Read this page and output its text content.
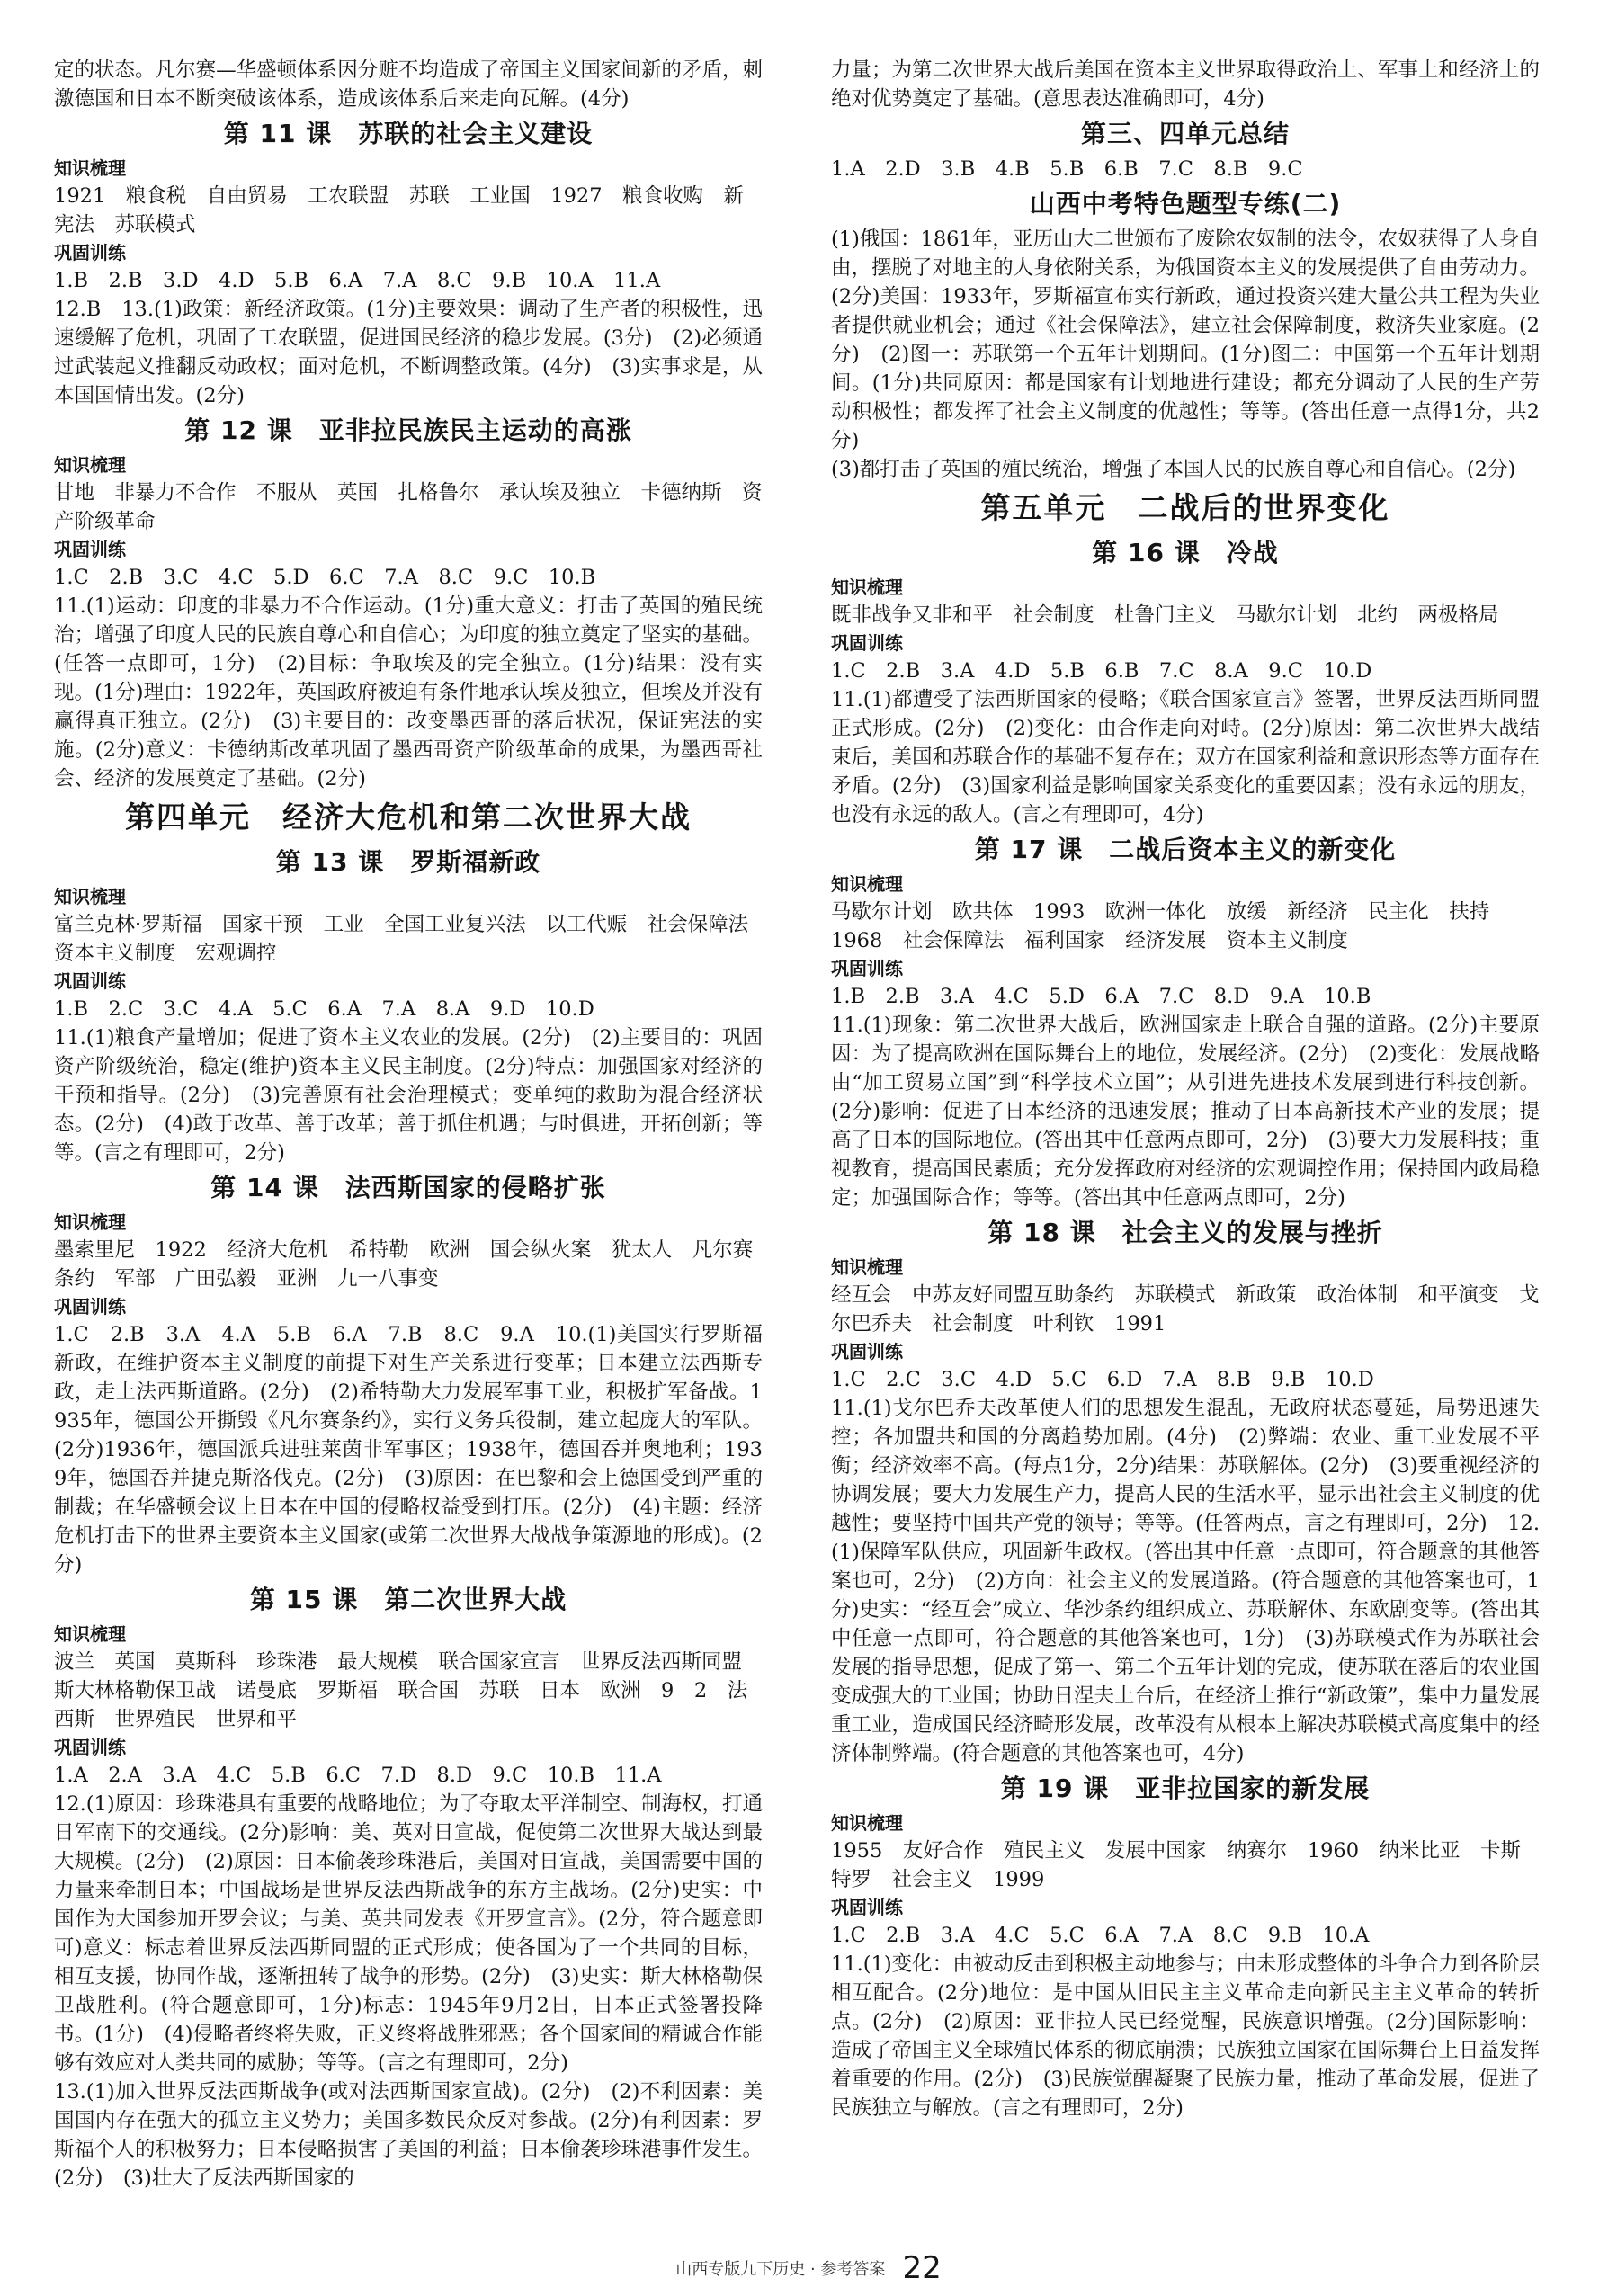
定的状态。凡尔赛—华盛顿体系因分赃不均造成了帝国主义国家间新的矛盾，刺激德国和日本不断突破该体系，造成该体系后来走向瓦解。(4分)
第 11 课　苏联的社会主义建设
知识梳理
1921　粮食税　自由贸易　工农联盟　苏联　工业国　1927　粮食收购　新宪法　苏联模式
巩固训练
1.B　2.B　3.D　4.D　5.B　6.A　7.A　8.C　9.B　10.A　11.A
12.B　13.(1)政策：新经济政策。(1分)主要效果：调动了生产者的积极性，迅速缓解了危机，巩固了工农联盟，促进国民经济的稳步发展。(3分)　(2)必须通过武装起义推翻反动政权；面对危机，不断调整政策。(4分)　(3)实事求是，从本国国情出发。(2分)
第 12 课　亚非拉民族民主运动的高涨
知识梳理
甘地　非暴力不合作　不服从　英国　扎格鲁尔　承认埃及独立　卡德纳斯　资产阶级革命
巩固训练
1.C　2.B　3.C　4.C　5.D　6.C　7.A　8.C　9.C　10.B
11.(1)运动：印度的非暴力不合作运动。(1分)重大意义：打击了英国的殖民统治；增强了印度人民的民族自尊心和自信心；为印度的独立奠定了坚实的基础。(任答一点即可，1分)　(2)目标：争取埃及的完全独立。(1分)结果：没有实现。(1分)理由：1922年，英国政府被迫有条件地承认埃及独立，但埃及并没有赢得真正独立。(2分)　(3)主要目的：改变墨西哥的落后状况，保证宪法的实施。(2分)意义：卡德纳斯改革巩固了墨西哥资产阶级革命的成果，为墨西哥社会、经济的发展奠定了基础。(2分)
第四单元　经济大危机和第二次世界大战
第 13 课　罗斯福新政
知识梳理
富兰克林·罗斯福　国家干预　工业　全国工业复兴法　以工代赈　社会保障法　资本主义制度　宏观调控
巩固训练
1.B　2.C　3.C　4.A　5.C　6.A　7.A　8.A　9.D　10.D
11.(1)粮食产量增加；促进了资本主义农业的发展。(2分)　(2)主要目的：巩固资产阶级统治，稳定(维护)资本主义民主制度。(2分)特点：加强国家对经济的干预和指导。(2分)　(3)完善原有社会治理模式；变单纯的救助为混合经济状态。(2分)　(4)敢于改革、善于改革；善于抓住机遇；与时俱进，开拓创新；等等。(言之有理即可，2分)
第 14 课　法西斯国家的侵略扩张
知识梳理
墨索里尼　1922　经济大危机　希特勒　欧洲　国会纵火案　犹太人　凡尔赛条约　军部　广田弘毅　亚洲　九一八事变
巩固训练
1.C　2.B　3.A　4.A　5.B　6.A　7.B　8.C　9.A　10.(1)美国实行罗斯福新政，在维护资本主义制度的前提下对生产关系进行变革；日本建立法西斯专政，走上法西斯道路。(2分)　(2)希特勒大力发展军事工业，积极扩军备战。1935年，德国公开撕毁《凡尔赛条约》，实行义务兵役制，建立起庞大的军队。(2分)1936年，德国派兵进驻莱茵非军事区；1938年，德国吞并奥地利；1939年，德国吞并捷克斯洛伐克。(2分)　(3)原因：在巴黎和会上德国受到严重的制裁；在华盛顿会议上日本在中国的侵略权益受到打压。(2分)　(4)主题：经济危机打击下的世界主要资本主义国家(或第二次世界大战战争策源地的形成)。(2分)
第 15 课　第二次世界大战
知识梳理
波兰　英国　莫斯科　珍珠港　最大规模　联合国家宣言　世界反法西斯同盟　斯大林格勒保卫战　诺曼底　罗斯福　联合国　苏联　日本　欧洲　9　2　法西斯　世界殖民　世界和平
巩固训练
1.A　2.A　3.A　4.C　5.B　6.C　7.D　8.D　9.C　10.B　11.A
12.(1)原因：珍珠港具有重要的战略地位；为了夺取太平洋制空、制海权，打通日军南下的交通线。(2分)影响：美、英对日宣战，促使第二次世界大战达到最大规模。(2分)　(2)原因：日本偷袭珍珠港后，美国对日宣战，美国需要中国的力量来牵制日本；中国战场是世界反法西斯战争的东方主战场。(2分)史实：中国作为大国参加开罗会议；与美、英共同发表《开罗宣言》。(2分，符合题意即可)意义：标志着世界反法西斯同盟的正式形成；使各国为了一个共同的目标，相互支援，协同作战，逐渐扭转了战争的形势。(2分)　(3)史实：斯大林格勒保卫战胜利。(符合题意即可，1分)标志：1945年9月2日，日本正式签署投降书。(1分)　(4)侵略者终将失败，正义终将战胜邪恶；各个国家间的精诚合作能够有效应对人类共同的威胁；等等。(言之有理即可，2分)
13.(1)加入世界反法西斯战争(或对法西斯国家宣战)。(2分)　(2)不利因素：美国国内存在强大的孤立主义势力；美国多数民众反对参战。(2分)有利因素：罗斯福个人的积极努力；日本侵略损害了美国的利益；日本偷袭珍珠港事件发生。(2分)　(3)壮大了反法西斯国家的
力量；为第二次世界大战后美国在资本主义世界取得政治上、军事上和经济上的绝对优势奠定了基础。(意思表达准确即可，4分)
第三、四单元总结
1.A　2.D　3.B　4.B　5.B　6.B　7.C　8.B　9.C
山西中考特色题型专练(二)
(1)俄国：1861年，亚历山大二世颁布了废除农奴制的法令，农奴获得了人身自由，摆脱了对地主的人身依附关系，为俄国资本主义的发展提供了自由劳动力。(2分)美国：1933年，罗斯福宣布实行新政，通过投资兴建大量公共工程为失业者提供就业机会；通过《社会保障法》，建立社会保障制度，救济失业家庭。(2分)　(2)图一：苏联第一个五年计划期间。(1分)图二：中国第一个五年计划期间。(1分)共同原因：都是国家有计划地进行建设；都充分调动了人民的生产劳动积极性；都发挥了社会主义制度的优越性；等等。(答出任意一点得1分，共2分)
(3)都打击了英国的殖民统治，增强了本国人民的民族自尊心和自信心。(2分)
第五单元　二战后的世界变化
第 16 课　冷战
知识梳理
既非战争又非和平　社会制度　杜鲁门主义　马歇尔计划　北约　两极格局
巩固训练
1.C　2.B　3.A　4.D　5.B　6.B　7.C　8.A　9.C　10.D
11.(1)都遭受了法西斯国家的侵略；《联合国家宣言》签署，世界反法西斯同盟正式形成。(2分)　(2)变化：由合作走向对峙。(2分)原因：第二次世界大战结束后，美国和苏联合作的基础不复存在；双方在国家利益和意识形态等方面存在矛盾。(2分)　(3)国家利益是影响国家关系变化的重要因素；没有永远的朋友，也没有永远的敌人。(言之有理即可，4分)
第 17 课　二战后资本主义的新变化
知识梳理
马歇尔计划　欧共体　1993　欧洲一体化　放缓　新经济　民主化　扶持　1968　社会保障法　福利国家　经济发展　资本主义制度
巩固训练
1.B　2.B　3.A　4.C　5.D　6.A　7.C　8.D　9.A　10.B
11.(1)现象：第二次世界大战后，欧洲国家走上联合自强的道路。(2分)主要原因：为了提高欧洲在国际舞台上的地位，发展经济。(2分)　(2)变化：发展战略由“加工贸易立国”到“科学技术立国”；从引进先进技术发展到进行科技创新。(2分)影响：促进了日本经济的迅速发展；推动了日本高新技术产业的发展；提高了日本的国际地位。(答出其中任意两点即可，2分)　(3)要大力发展科技；重视教育，提高国民素质；充分发挥政府对经济的宏观调控作用；保持国内政局稳定；加强国际合作；等等。(答出其中任意两点即可，2分)
第 18 课　社会主义的发展与挫折
知识梳理
经互会　中苏友好同盟互助条约　苏联模式　新政策　政治体制　和平演变　戈尔巴乔夫　社会制度　叶利钦　1991
巩固训练
1.C　2.C　3.C　4.D　5.C　6.D　7.A　8.B　9.B　10.D
11.(1)戈尔巴乔夫改革使人们的思想发生混乱，无政府状态蔓延，局势迅速失控；各加盟共和国的分离趋势加剧。(4分)　(2)弊端：农业、重工业发展不平衡；经济效率不高。(每点1分，2分)结果：苏联解体。(2分)　(3)要重视经济的协调发展；要大力发展生产力，提高人民的生活水平，显示出社会主义制度的优越性；要坚持中国共产党的领导；等等。(任答两点，言之有理即可，2分)　12.(1)保障军队供应，巩固新生政权。(答出其中任意一点即可，符合题意的其他答案也可，2分)　(2)方向：社会主义的发展道路。(符合题意的其他答案也可，1分)史实：“经互会”成立、华沙条约组织成立、苏联解体、东欧剧变等。(答出其中任意一点即可，符合题意的其他答案也可，1分)　(3)苏联模式作为苏联社会发展的指导思想，促成了第一、第二个五年计划的完成，使苏联在落后的农业国变成强大的工业国；协助日涅夫上台后，在经济上推行“新政策”，集中力量发展重工业，造成国民经济畸形发展，改革没有从根本上解决苏联模式高度集中的经济体制弊端。(符合题意的其他答案也可，4分)
第 19 课　亚非拉国家的新发展
知识梳理
1955　友好合作　殖民主义　发展中国家　纳赛尔　1960　纳米比亚　卡斯特罗　社会主义　1999
巩固训练
1.C　2.B　3.A　4.C　5.C　6.A　7.A　8.C　9.B　10.A
11.(1)变化：由被动反击到积极主动地参与；由未形成整体的斗争合力到各阶层相互配合。(2分)地位：是中国从旧民主主义革命走向新民主主义革命的转折点。(2分)　(2)原因：亚非拉人民已经觉醒，民族意识增强。(2分)国际影响：造成了帝国主义全球殖民体系的彻底崩溃；民族独立国家在国际舞台上日益发挥着重要的作用。(2分)　(3)民族觉醒凝聚了民族力量，推动了革命发展，促进了民族独立与解放。(言之有理即可，2分)
山西专版九下历史 · 参考答案 22
